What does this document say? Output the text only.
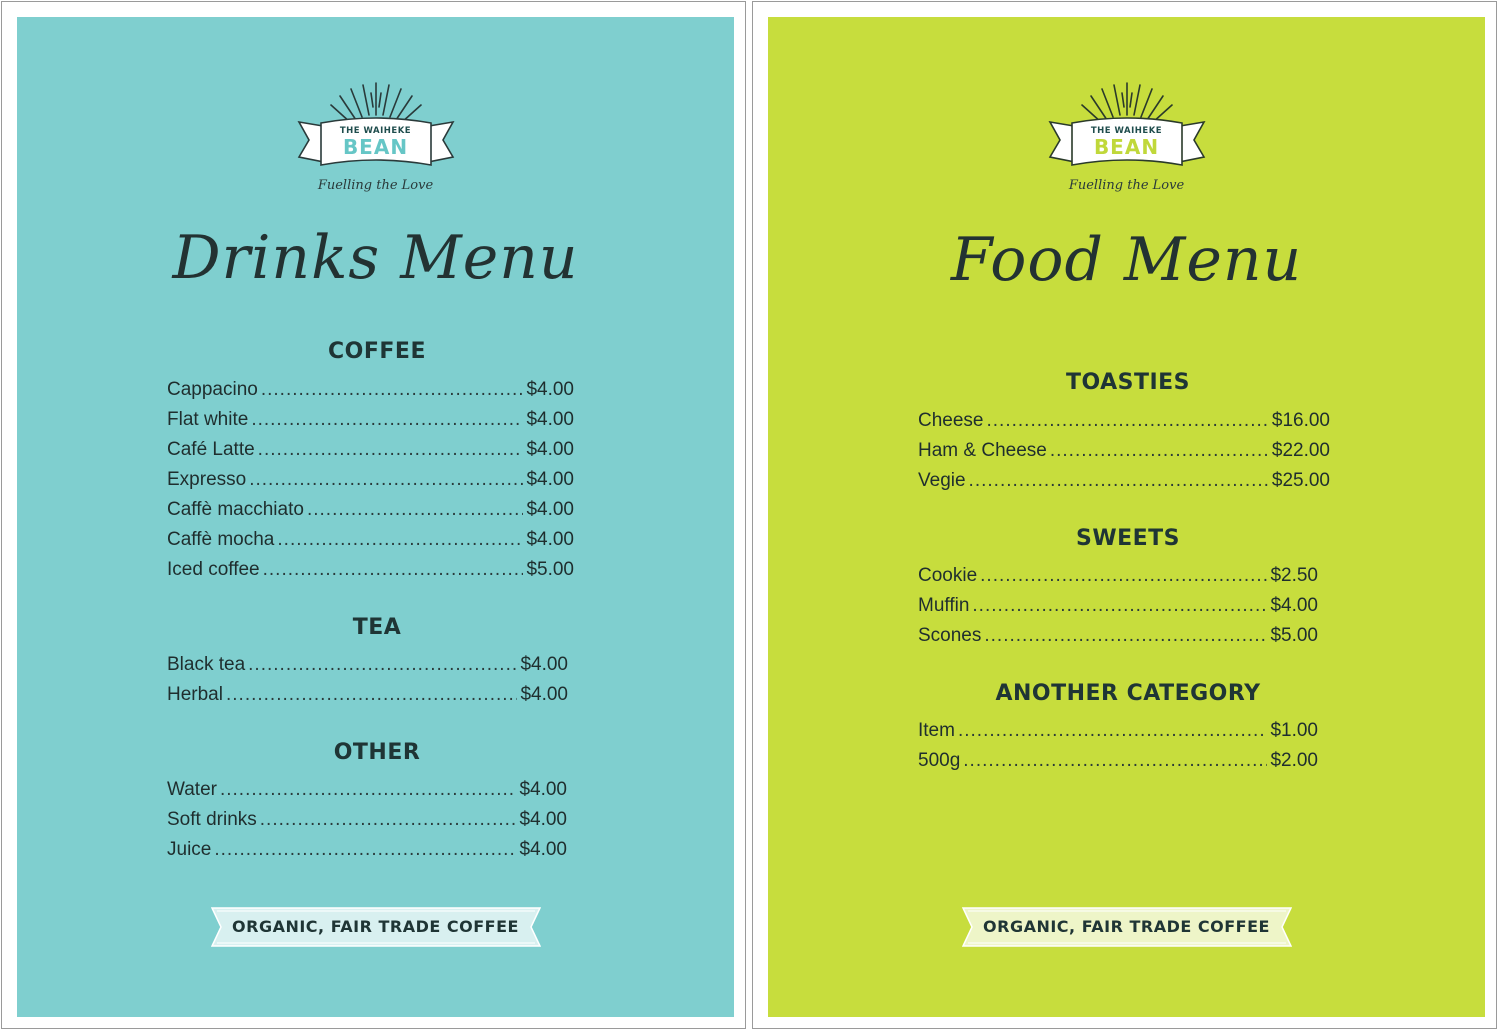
THE WAIHEKE
BEAN
Fuelling the Love
Drinks Menu
COFFEE
Cappacino .....	$4.00
Flat white .....	$4.00
Café Latte .....	$4.00
Expresso .....	$4.00
Caffè macchiato .....	$4.00
Caffè mocha .....	$4.00
Iced coffee .....	$5.00
TEA
Black tea .....	$4.00
Herbal .....	$4.00
OTHER
Water .....	$4.00
Soft drinks .....	$4.00
Juice .....	$4.00
ORGANIC, FAIR TRADE COFFEE
THE WAIHEKE
BEAN
Fuelling the Love
Food Menu
TOASTIES
Cheese .....	$16.00
Ham & Cheese .....	$22.00
Vegie .....	$25.00
SWEETS
Cookie .....	$2.50
Muffin .....	$4.00
Scones .....	$5.00
ANOTHER CATEGORY
Item .....	$1.00
500g .....	$2.00
ORGANIC, FAIR TRADE COFFEE
